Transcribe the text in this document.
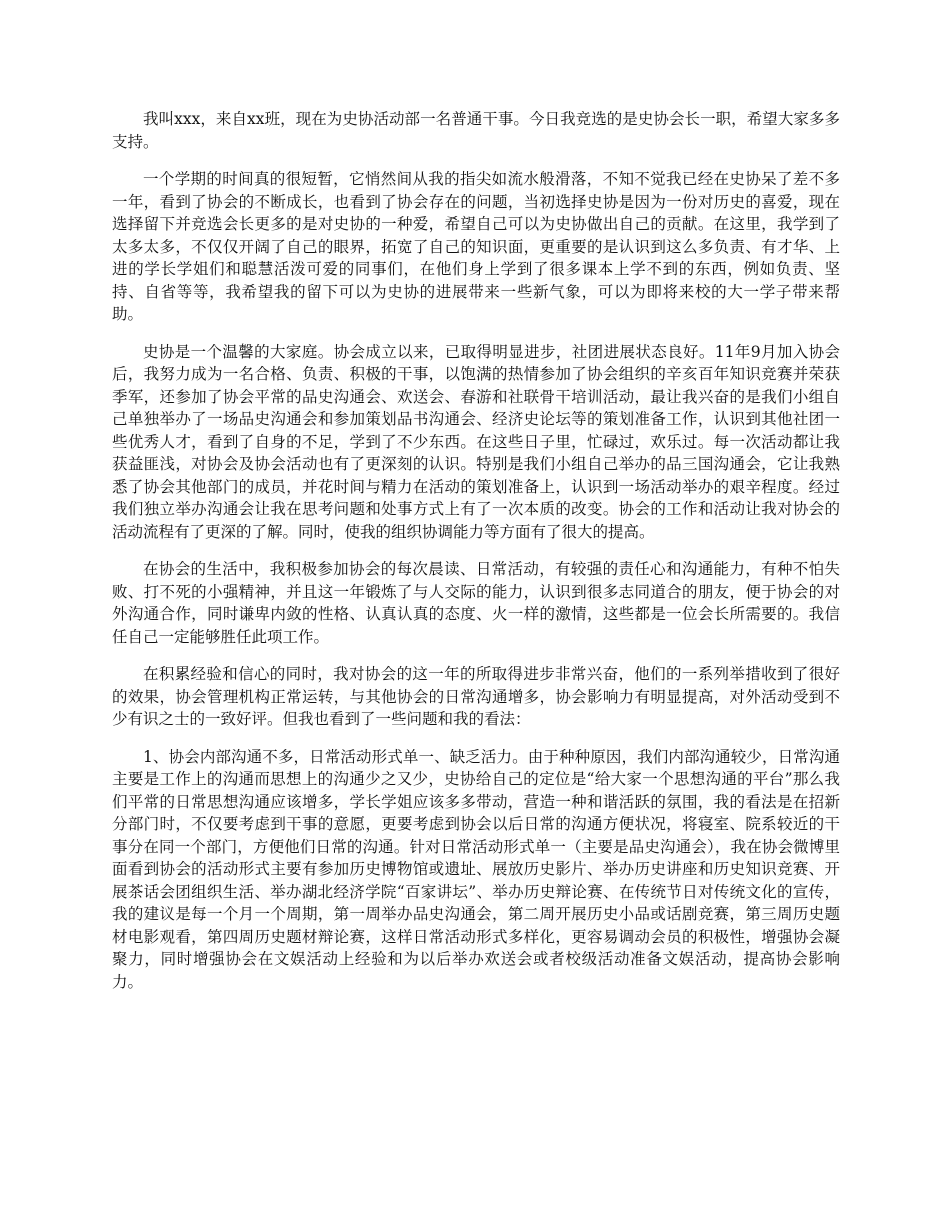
我叫xxx，来自xx班，现在为史协活动部一名普通干事。今日我竞选的是史协会长一职，希望大家多多支持。

一个学期的时间真的很短暂，它悄然间从我的指尖如流水般滑落，不知不觉我已经在史协呆了差不多一年，看到了协会的不断成长，也看到了协会存在的问题，当初选择史协是因为一份对历史的喜爱，现在选择留下并竞选会长更多的是对史协的一种爱，希望自己可以为史协做出自己的贡献。在这里，我学到了太多太多，不仅仅开阔了自己的眼界，拓宽了自己的知识面，更重要的是认识到这么多负责、有才华、上进的学长学姐们和聪慧活泼可爱的同事们，在他们身上学到了很多课本上学不到的东西，例如负责、坚持、自省等等，我希望我的留下可以为史协的进展带来一些新气象，可以为即将来校的大一学子带来帮助。

史协是一个温馨的大家庭。协会成立以来，已取得明显进步，社团进展状态良好。11年9月加入协会后，我努力成为一名合格、负责、积极的干事，以饱满的热情参加了协会组织的辛亥百年知识竞赛并荣获季军，还参加了协会平常的品史沟通会、欢送会、春游和社联骨干培训活动，最让我兴奋的是我们小组自己单独举办了一场品史沟通会和参加策划品书沟通会、经济史论坛等的策划准备工作，认识到其他社团一些优秀人才，看到了自身的不足，学到了不少东西。在这些日子里，忙碌过，欢乐过。每一次活动都让我获益匪浅，对协会及协会活动也有了更深刻的认识。特别是我们小组自己举办的品三国沟通会，它让我熟悉了协会其他部门的成员，并花时间与精力在活动的策划准备上，认识到一场活动举办的艰辛程度。经过我们独立举办沟通会让我在思考问题和处事方式上有了一次本质的改变。协会的工作和活动让我对协会的活动流程有了更深的了解。同时，使我的组织协调能力等方面有了很大的提高。

在协会的生活中，我积极参加协会的每次晨读、日常活动，有较强的责任心和沟通能力，有种不怕失败、打不死的小强精神，并且这一年锻炼了与人交际的能力，认识到很多志同道合的朋友，便于协会的对外沟通合作，同时谦卑内敛的性格、认真认真的态度、火一样的激情，这些都是一位会长所需要的。我信任自己一定能够胜任此项工作。

在积累经验和信心的同时，我对协会的这一年的所取得进步非常兴奋，他们的一系列举措收到了很好的效果，协会管理机构正常运转，与其他协会的日常沟通增多，协会影响力有明显提高，对外活动受到不少有识之士的一致好评。但我也看到了一些问题和我的看法：

1、协会内部沟通不多，日常活动形式单一、缺乏活力。由于种种原因，我们内部沟通较少，日常沟通主要是工作上的沟通而思想上的沟通少之又少，史协给自己的定位是“给大家一个思想沟通的平台”那么我们平常的日常思想沟通应该增多，学长学姐应该多多带动，营造一种和谐活跃的氛围，我的看法是在招新分部门时，不仅要考虑到干事的意愿，更要考虑到协会以后日常的沟通方便状况，将寝室、院系较近的干事分在同一个部门，方便他们日常的沟通。针对日常活动形式单一（主要是品史沟通会），我在协会微博里面看到协会的活动形式主要有参加历史博物馆或遗址、展放历史影片、举办历史讲座和历史知识竞赛、开展茶话会团组织生活、举办湖北经济学院“百家讲坛”、举办历史辩论赛、在传统节日对传统文化的宣传，我的建议是每一个月一个周期，第一周举办品史沟通会，第二周开展历史小品或话剧竞赛，第三周历史题材电影观看，第四周历史题材辩论赛，这样日常活动形式多样化，更容易调动会员的积极性，增强协会凝聚力，同时增强协会在文娱活动上经验和为以后举办欢送会或者校级活动准备文娱活动，提高协会影响力。
